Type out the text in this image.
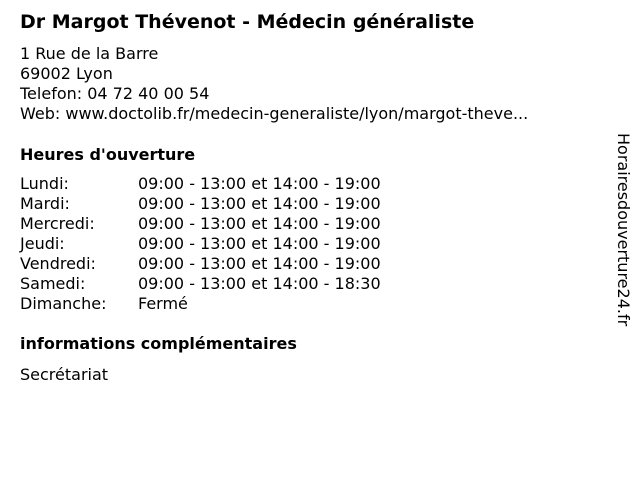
Dr Margot Thévenot - Médecin généraliste
1 Rue de la Barre
69002 Lyon
Telefon: 04 72 40 00 54
Web: www.doctolib.fr/medecin-generaliste/lyon/margot-theve...
Heures d'ouverture
Lundi:	09:00 - 13:00 et 14:00 - 19:00
Mardi:	09:00 - 13:00 et 14:00 - 19:00
Mercredi:	09:00 - 13:00 et 14:00 - 19:00
Jeudi:	09:00 - 13:00 et 14:00 - 19:00
Vendredi:	09:00 - 13:00 et 14:00 - 19:00
Samedi:	09:00 - 13:00 et 14:00 - 18:30
Dimanche:	Fermé
informations complémentaires
Secrétariat
Horairesdouverture24.fr
